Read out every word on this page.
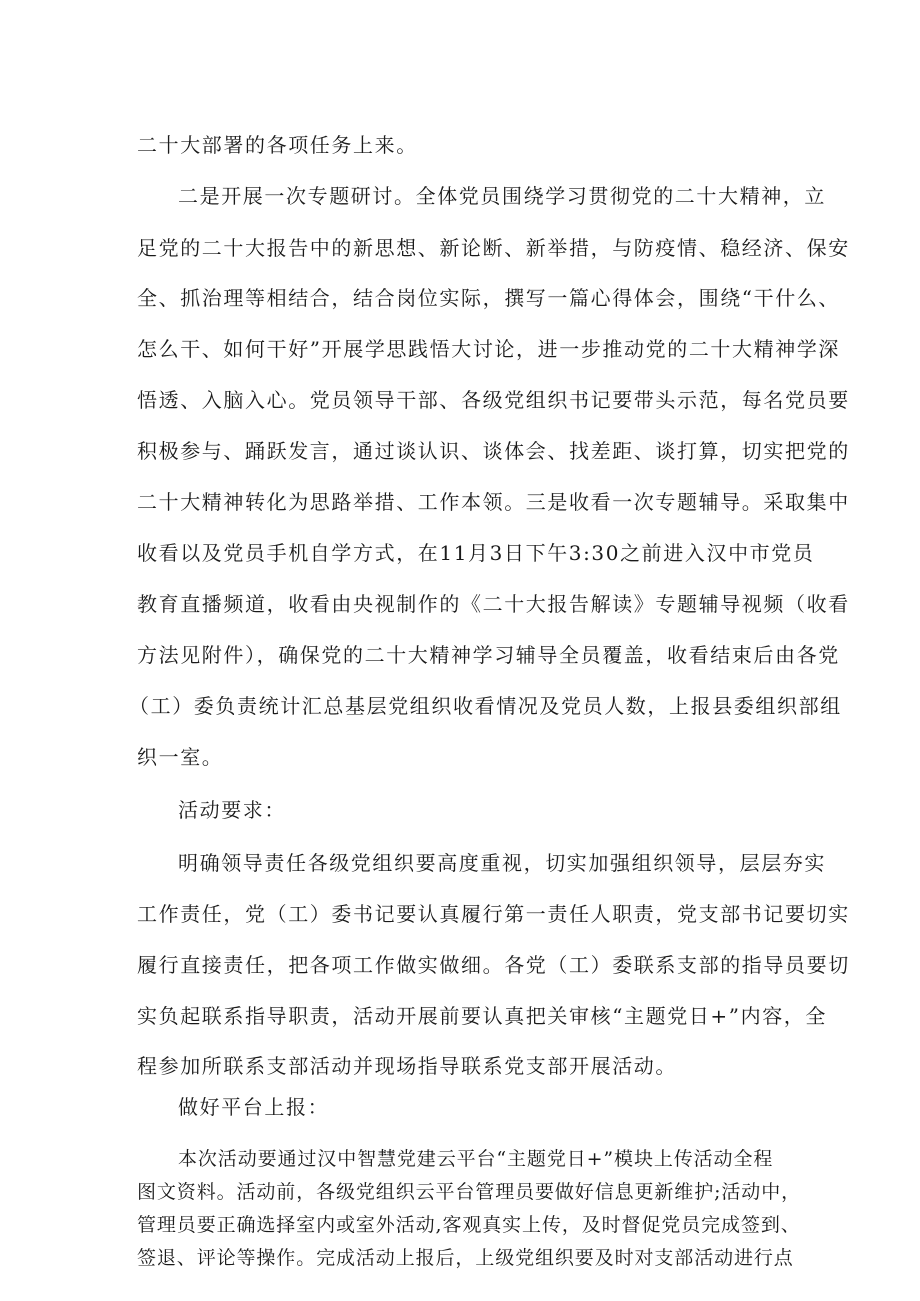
二十大部署的各项任务上来。

二是开展一次专题研讨。全体党员围绕学习贯彻党的二十大精神，立

足党的二十大报告中的新思想、新论断、新举措，与防疫情、稳经济、保安

全、抓治理等相结合，结合岗位实际，撰写一篇心得体会，围绕“干什么、

怎么干、如何干好”开展学思践悟大讨论，进一步推动党的二十大精神学深

悟透、入脑入心。党员领导干部、各级党组织书记要带头示范，每名党员要

积极参与、踊跃发言，通过谈认识、谈体会、找差距、谈打算，切实把党的

二十大精神转化为思路举措、工作本领。三是收看一次专题辅导。采取集中

收看以及党员手机自学方式，在11月3日下午3:30之前进入汉中市党员

教育直播频道，收看由央视制作的《二十大报告解读》专题辅导视频（收看

方法见附件），确保党的二十大精神学习辅导全员覆盖，收看结束后由各党

（工）委负责统计汇总基层党组织收看情况及党员人数，上报县委组织部组

织一室。

活动要求：

明确领导责任各级党组织要高度重视，切实加强组织领导，层层夯实

工作责任，党（工）委书记要认真履行第一责任人职责，党支部书记要切实

履行直接责任，把各项工作做实做细。各党（工）委联系支部的指导员要切

实负起联系指导职责，活动开展前要认真把关审核“主题党日+”内容，全

程参加所联系支部活动并现场指导联系党支部开展活动。

做好平台上报：

本次活动要通过汉中智慧党建云平台“主题党日+”模块上传活动全程

图文资料。活动前，各级党组织云平台管理员要做好信息更新维护;活动中，

管理员要正确选择室内或室外活动,客观真实上传，及时督促党员完成签到、

签退、评论等操作。完成活动上报后，上级党组织要及时对支部活动进行点
